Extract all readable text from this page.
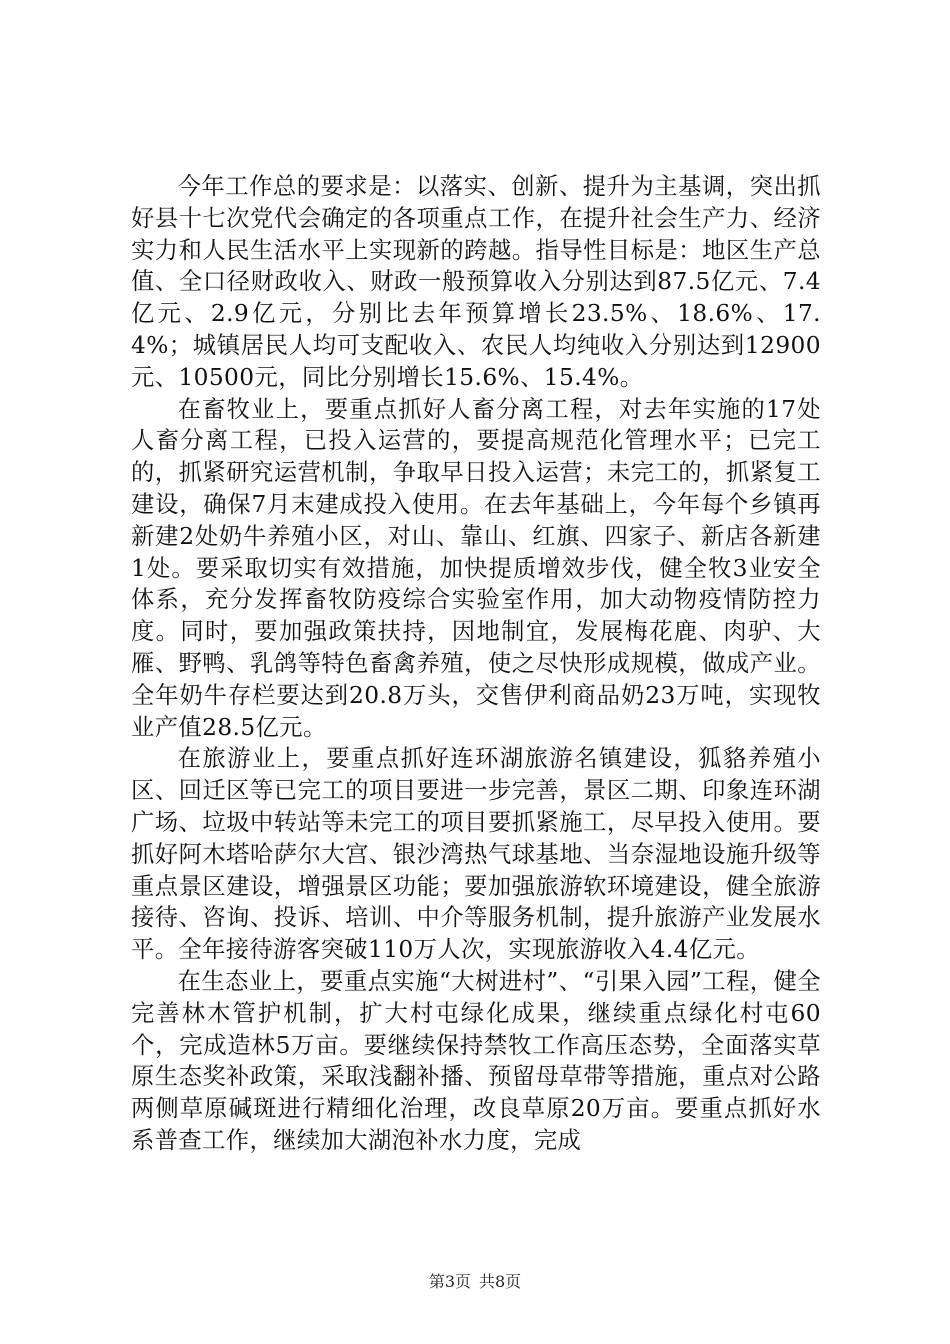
今年工作总的要求是：以落实、创新、提升为主基调，突出抓好县十七次党代会确定的各项重点工作，在提升社会生产力、经济实力和人民生活水平上实现新的跨越。指导性目标是：地区生产总值、全口径财政收入、财政一般预算收入分别达到87.5亿元、7.4亿元、2.9亿元，分别比去年预算增长23.5%、18.6%、17.4%；城镇居民人均可支配收入、农民人均纯收入分别达到12900元、10500元，同比分别增长15.6%、15.4%。

在畜牧业上，要重点抓好人畜分离工程，对去年实施的17处人畜分离工程，已投入运营的，要提高规范化管理水平；已完工的，抓紧研究运营机制，争取早日投入运营；未完工的，抓紧复工建设，确保7月末建成投入使用。在去年基础上，今年每个乡镇再新建2处奶牛养殖小区，对山、靠山、红旗、四家子、新店各新建1处。要采取切实有效措施，加快提质增效步伐，健全牧3业安全体系，充分发挥畜牧防疫综合实验室作用，加大动物疫情防控力度。同时，要加强政策扶持，因地制宜，发展梅花鹿、肉驴、大雁、野鸭、乳鸽等特色畜禽养殖，使之尽快形成规模，做成产业。全年奶牛存栏要达到20.8万头，交售伊利商品奶23万吨，实现牧业产值28.5亿元。

在旅游业上，要重点抓好连环湖旅游名镇建设，狐貉养殖小区、回迁区等已完工的项目要进一步完善，景区二期、印象连环湖广场、垃圾中转站等未完工的项目要抓紧施工，尽早投入使用。要抓好阿木塔哈萨尔大宫、银沙湾热气球基地、当奈湿地设施升级等重点景区建设，增强景区功能；要加强旅游软环境建设，健全旅游接待、咨询、投诉、培训、中介等服务机制，提升旅游产业发展水平。全年接待游客突破110万人次，实现旅游收入4.4亿元。

在生态业上，要重点实施“大树进村”、“引果入园”工程，健全完善林木管护机制，扩大村屯绿化成果，继续重点绿化村屯60个，完成造林5万亩。要继续保持禁牧工作高压态势，全面落实草原生态奖补政策，采取浅翻补播、预留母草带等措施，重点对公路两侧草原碱斑进行精细化治理，改良草原20万亩。要重点抓好水系普查工作，继续加大湖泡补水力度，完成

第3页 共8页
